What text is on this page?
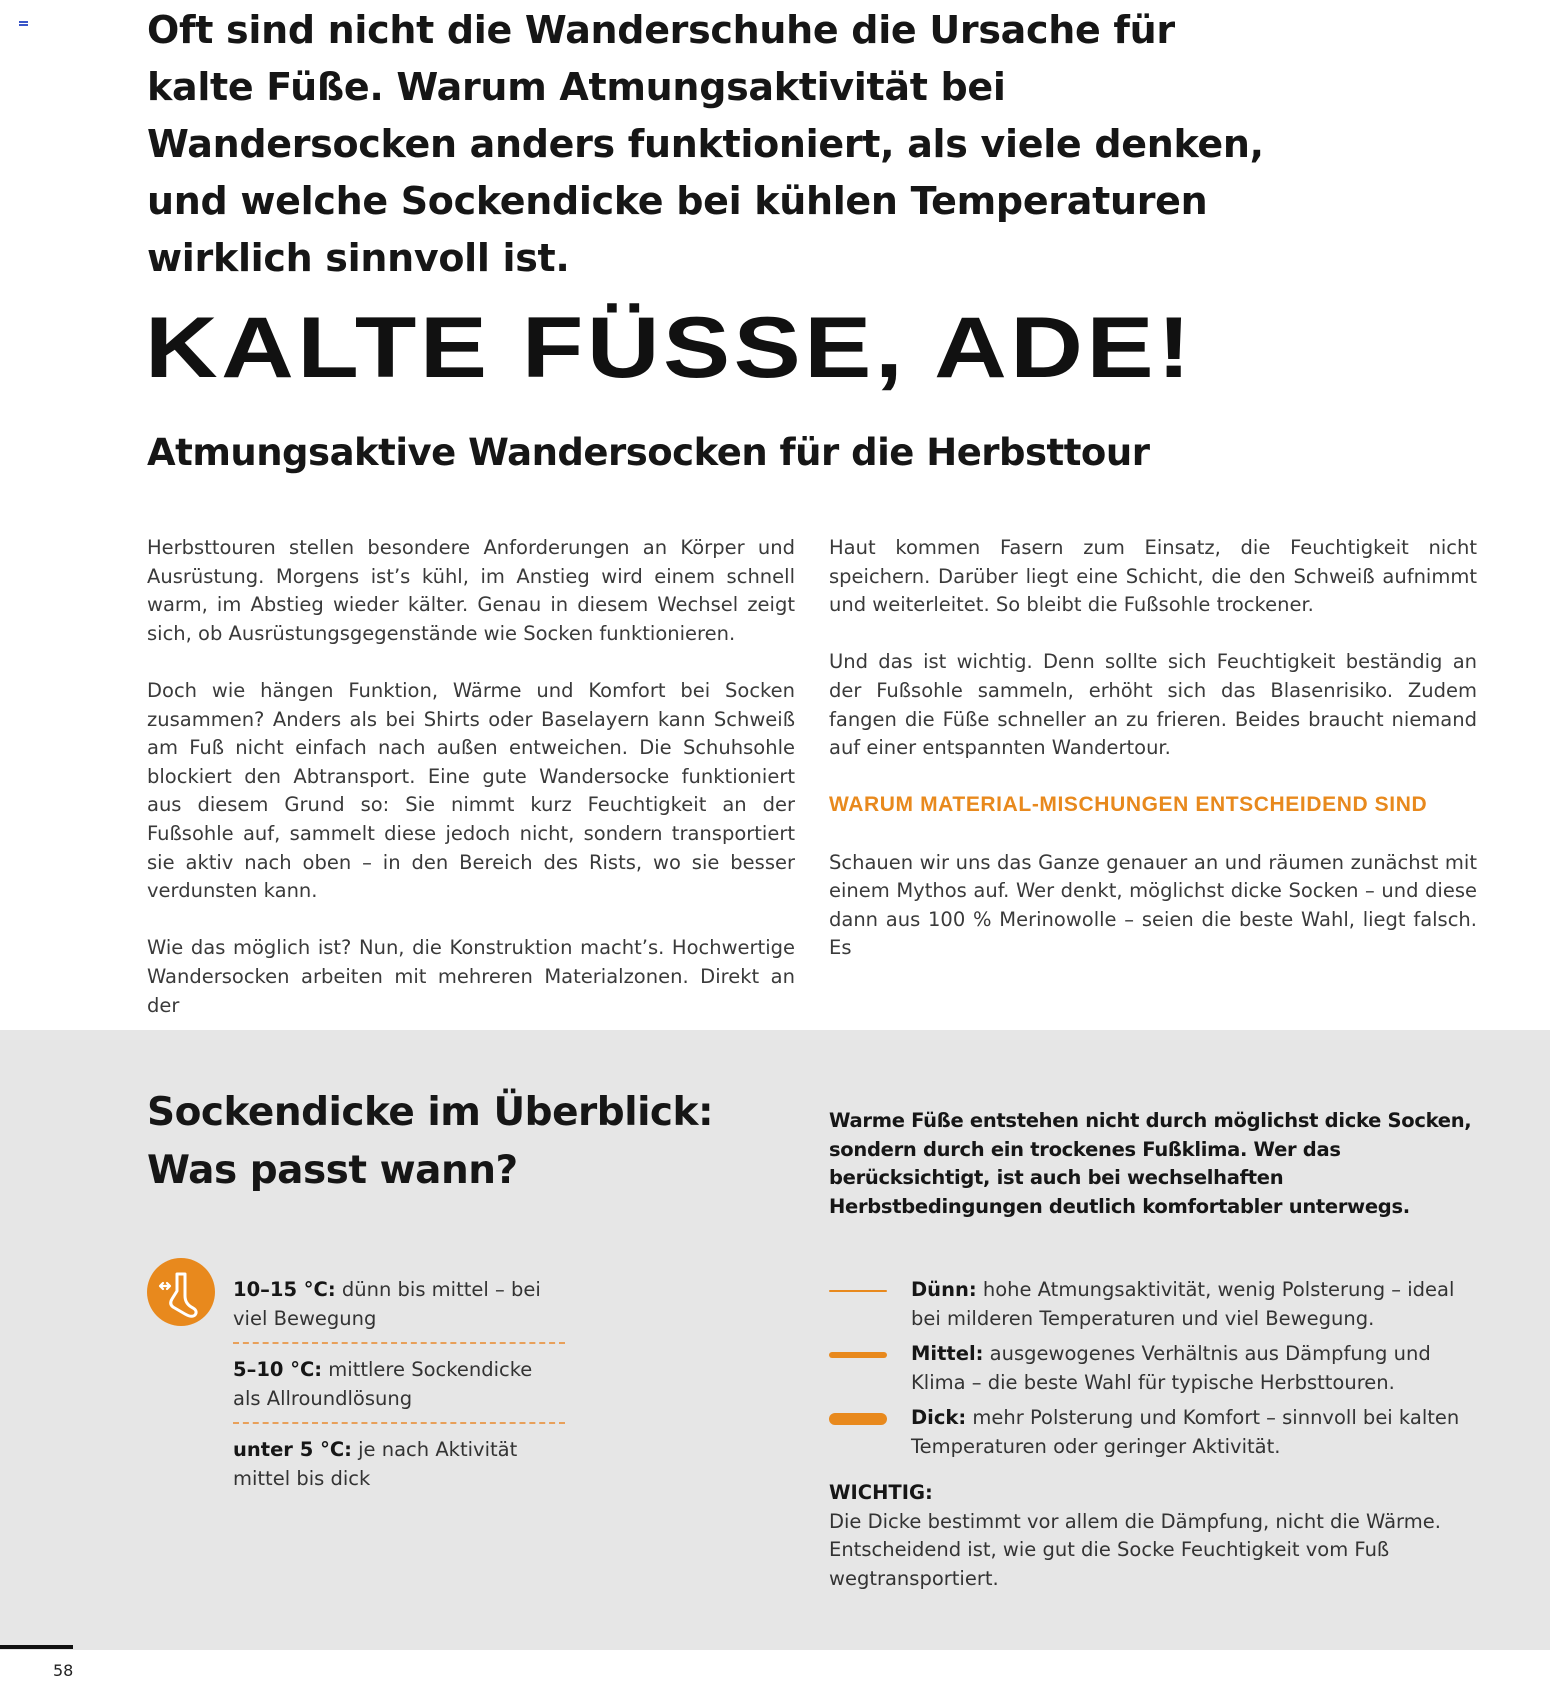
Oft sind nicht die Wanderschuhe die Ursache für kalte Füße. Warum Atmungsaktivität bei Wandersocken anders funktioniert, als viele denken, und welche Sockendicke bei kühlen Temperaturen wirklich sinnvoll ist.

KALTE FÜSSE, ADE!
Atmungsaktive Wandersocken für die Herbsttour

Herbsttouren stellen besondere Anforderungen an Körper und Ausrüstung. Morgens ist’s kühl, im Anstieg wird einem schnell warm, im Abstieg wieder kälter. Genau in diesem Wechsel zeigt sich, ob Ausrüstungsgegenstände wie Socken funktionieren.

Doch wie hängen Funktion, Wärme und Komfort bei Socken zusammen? Anders als bei Shirts oder Baselayern kann Schweiß am Fuß nicht einfach nach außen entweichen. Die Schuhsohle blockiert den Abtransport. Eine gute Wandersocke funktioniert aus diesem Grund so: Sie nimmt kurz Feuchtigkeit an der Fußsohle auf, sammelt diese jedoch nicht, sondern transportiert sie aktiv nach oben – in den Bereich des Rists, wo sie besser verdunsten kann.

Wie das möglich ist? Nun, die Konstruktion macht’s. Hochwertige Wandersocken arbeiten mit mehreren Materialzonen. Direkt an der

Haut kommen Fasern zum Einsatz, die Feuchtigkeit nicht speichern. Darüber liegt eine Schicht, die den Schweiß aufnimmt und weiterleitet. So bleibt die Fußsohle trockener.

Und das ist wichtig. Denn sollte sich Feuchtigkeit beständig an der Fußsohle sammeln, erhöht sich das Blasenrisiko. Zudem fangen die Füße schneller an zu frieren. Beides braucht niemand auf einer entspannten Wandertour.

WARUM MATERIAL-MISCHUNGEN ENTSCHEIDEND SIND

Schauen wir uns das Ganze genauer an und räumen zunächst mit einem Mythos auf. Wer denkt, möglichst dicke Socken – und diese dann aus 100 % Merinowolle – seien die beste Wahl, liegt falsch. Es

Sockendicke im Überblick:
Was passt wann?

Warme Füße entstehen nicht durch möglichst dicke Socken, sondern durch ein trockenes Fußklima. Wer das berücksichtigt, ist auch bei wechselhaften Herbstbedingungen deutlich komfortabler unterwegs.

10–15 °C: dünn bis mittel – bei viel Bewegung
5–10 °C: mittlere Sockendicke als Allroundlösung
unter 5 °C: je nach Aktivität mittel bis dick
Dünn: hohe Atmungsaktivität, wenig Polsterung – ideal bei milderen Temperaturen und viel Bewegung.
Mittel: ausgewogenes Verhältnis aus Dämpfung und Klima – die beste Wahl für typische Herbsttouren.
Dick: mehr Polsterung und Komfort – sinnvoll bei kalten Temperaturen oder geringer Aktivität.
WICHTIG:
Die Dicke bestimmt vor allem die Dämpfung, nicht die Wärme. Entscheidend ist, wie gut die Socke Feuchtigkeit vom Fuß wegtransportiert.
58
